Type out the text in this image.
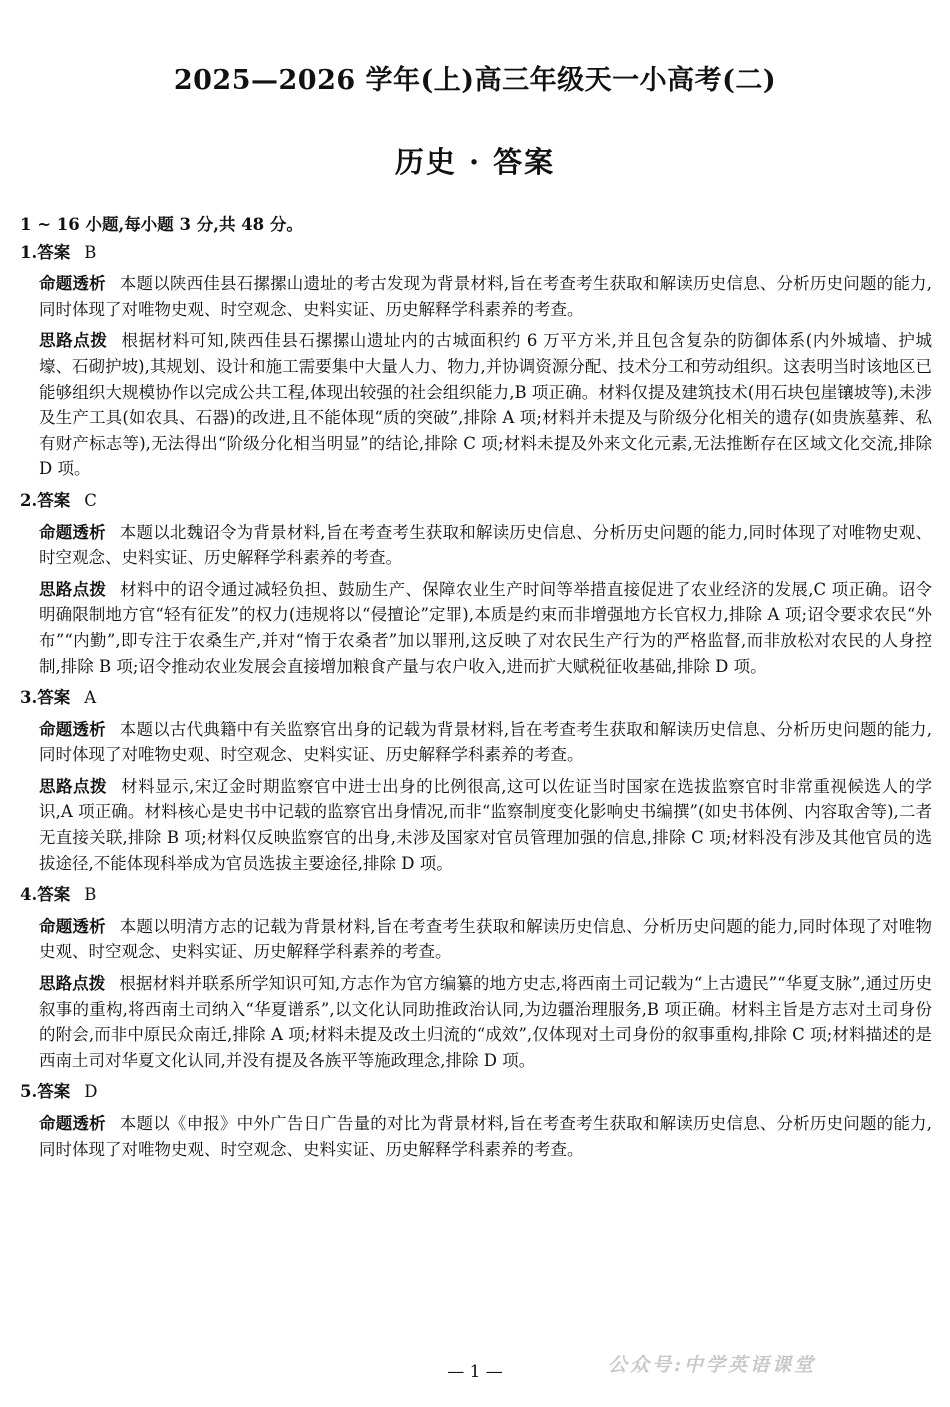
2025—2026 学年(上)高三年级天一小高考(二)
历史 · 答案
1 ~ 16 小题,每小题 3 分,共 48 分。
1.答案 B
命题透析 本题以陕西佳县石摞摞山遗址的考古发现为背景材料,旨在考查考生获取和解读历史信息、分析历史问题的能力,同时体现了对唯物史观、时空观念、史料实证、历史解释学科素养的考查。
思路点拨 根据材料可知,陕西佳县石摞摞山遗址内的古城面积约 6 万平方米,并且包含复杂的防御体系(内外城墙、护城壕、石砌护坡),其规划、设计和施工需要集中大量人力、物力,并协调资源分配、技术分工和劳动组织。这表明当时该地区已能够组织大规模协作以完成公共工程,体现出较强的社会组织能力,B 项正确。材料仅提及建筑技术(用石块包崖镶坡等),未涉及生产工具(如农具、石器)的改进,且不能体现“质的突破”,排除 A 项;材料并未提及与阶级分化相关的遗存(如贵族墓葬、私有财产标志等),无法得出“阶级分化相当明显”的结论,排除 C 项;材料未提及外来文化元素,无法推断存在区域文化交流,排除 D 项。
2.答案 C
命题透析 本题以北魏诏令为背景材料,旨在考查考生获取和解读历史信息、分析历史问题的能力,同时体现了对唯物史观、时空观念、史料实证、历史解释学科素养的考查。
思路点拨 材料中的诏令通过减轻负担、鼓励生产、保障农业生产时间等举措直接促进了农业经济的发展,C 项正确。诏令明确限制地方官“轻有征发”的权力(违规将以“侵擅论”定罪),本质是约束而非增强地方长官权力,排除 A 项;诏令要求农民“外布”“内勤”,即专注于农桑生产,并对“惰于农桑者”加以罪刑,这反映了对农民生产行为的严格监督,而非放松对农民的人身控制,排除 B 项;诏令推动农业发展会直接增加粮食产量与农户收入,进而扩大赋税征收基础,排除 D 项。
3.答案 A
命题透析 本题以古代典籍中有关监察官出身的记载为背景材料,旨在考查考生获取和解读历史信息、分析历史问题的能力,同时体现了对唯物史观、时空观念、史料实证、历史解释学科素养的考查。
思路点拨 材料显示,宋辽金时期监察官中进士出身的比例很高,这可以佐证当时国家在选拔监察官时非常重视候选人的学识,A 项正确。材料核心是史书中记载的监察官出身情况,而非“监察制度变化影响史书编撰”(如史书体例、内容取舍等),二者无直接关联,排除 B 项;材料仅反映监察官的出身,未涉及国家对官员管理加强的信息,排除 C 项;材料没有涉及其他官员的选拔途径,不能体现科举成为官员选拔主要途径,排除 D 项。
4.答案 B
命题透析 本题以明清方志的记载为背景材料,旨在考查考生获取和解读历史信息、分析历史问题的能力,同时体现了对唯物史观、时空观念、史料实证、历史解释学科素养的考查。
思路点拨 根据材料并联系所学知识可知,方志作为官方编纂的地方史志,将西南土司记载为“上古遗民”“华夏支脉”,通过历史叙事的重构,将西南土司纳入“华夏谱系”,以文化认同助推政治认同,为边疆治理服务,B 项正确。材料主旨是方志对土司身份的附会,而非中原民众南迁,排除 A 项;材料未提及改土归流的“成效”,仅体现对土司身份的叙事重构,排除 C 项;材料描述的是西南土司对华夏文化认同,并没有提及各族平等施政理念,排除 D 项。
5.答案 D
命题透析 本题以《申报》中外广告日广告量的对比为背景材料,旨在考查考生获取和解读历史信息、分析历史问题的能力,同时体现了对唯物史观、时空观念、史料实证、历史解释学科素养的考查。
— 1 —	公众号:中学英语课堂
